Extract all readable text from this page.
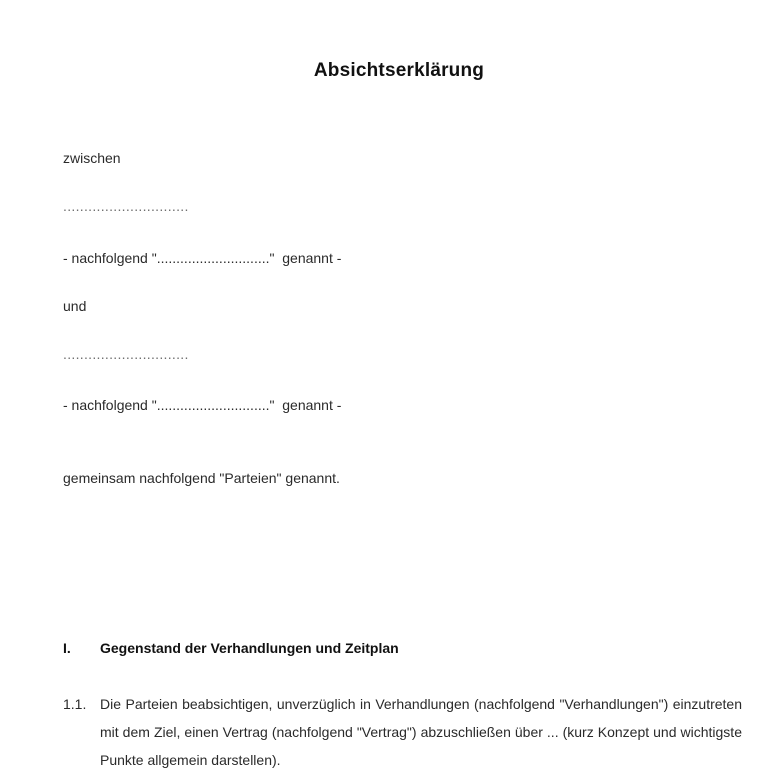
Absichtserklärung
zwischen
..............................
- nachfolgend "............................."  genannt -
und
..............................
- nachfolgend "............................."  genannt -
gemeinsam nachfolgend "Parteien" genannt.
I.	Gegenstand der Verhandlungen und Zeitplan
1.1. Die Parteien beabsichtigen, unverzüglich in Verhandlungen (nachfolgend "Verhandlungen") einzutreten mit dem Ziel, einen Vertrag (nachfolgend "Vertrag") abzuschließen über ... (kurz Konzept und wichtigste Punkte allgemein darstellen).
